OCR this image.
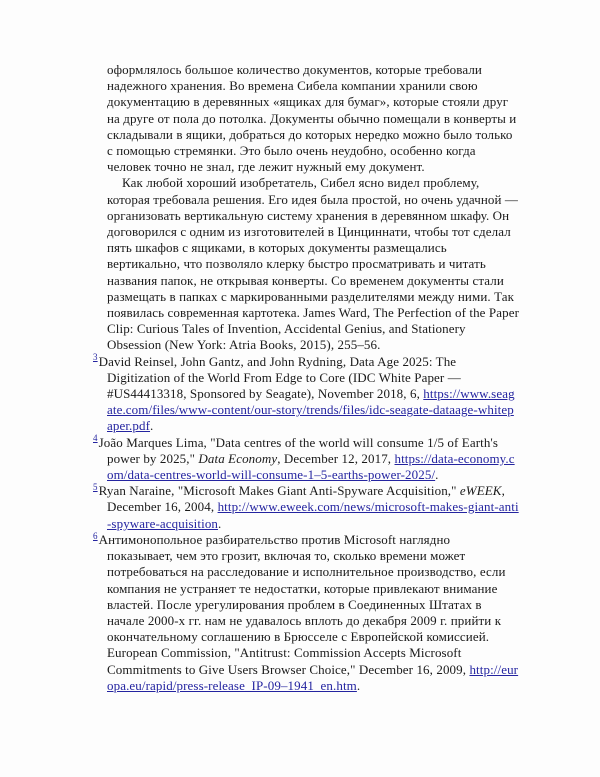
оформлялось большое количество документов, которые требовали надежного хранения. Во времена Сибела компании хранили свою документацию в деревянных «ящиках для бумаг», которые стояли друг на друге от пола до потолка. Документы обычно помещали в конверты и складывали в ящики, добраться до которых нередко можно было только с помощью стремянки. Это было очень неудобно, особенно когда человек точно не знал, где лежит нужный ему документ.

Как любой хороший изобретатель, Сибел ясно видел проблему, которая требовала решения. Его идея была простой, но очень удачной — организовать вертикальную систему хранения в деревянном шкафу. Он договорился с одним из изготовителей в Цинциннати, чтобы тот сделал пять шкафов с ящиками, в которых документы размещались вертикально, что позволяло клерку быстро просматривать и читать названия папок, не открывая конверты. Со временем документы стали размещать в папках с маркированными разделителями между ними. Так появилась современная картотека. James Ward, The Perfection of the Paper Clip: Curious Tales of Invention, Accidental Genius, and Stationery Obsession (New York: Atria Books, 2015), 255–56.

$^3$David Reinsel, John Gantz, and John Rydning, Data Age 2025: The Digitization of the World From Edge to Core (IDC White Paper — #US44413318, Sponsored by Seagate), November 2018, 6, https://www.seagate.com/files/www-content/our-story/trends/files/idc-seagate-dataage-whitepaper.pdf.

$^4$João Marques Lima, "Data centres of the world will consume 1/5 of Earth's power by 2025," Data Economy, December 12, 2017, https://data-economy.com/data-centres-world-will-consume-1–5-earths-power-2025/.

$^5$Ryan Naraine, "Microsoft Makes Giant Anti-Spyware Acquisition," eWEEK, December 16, 2004, http://www.eweek.com/news/microsoft-makes-giant-anti-spyware-acquisition.

$^6$Антимонопольное разбирательство против Microsoft наглядно показывает, чем это грозит, включая то, сколько времени может потребоваться на расследование и исполнительное производство, если компания не устраняет те недостатки, которые привлекают внимание властей. После урегулирования проблем в Соединенных Штатах в начале 2000-х гг. нам не удавалось вплоть до декабря 2009 г. прийти к окончательному соглашению в Брюсселе с Европейской комиссией. European Commission, "Antitrust: Commission Accepts Microsoft Commitments to Give Users Browser Choice," December 16, 2009, http://europa.eu/rapid/press-release_IP-09–1941_en.htm.
